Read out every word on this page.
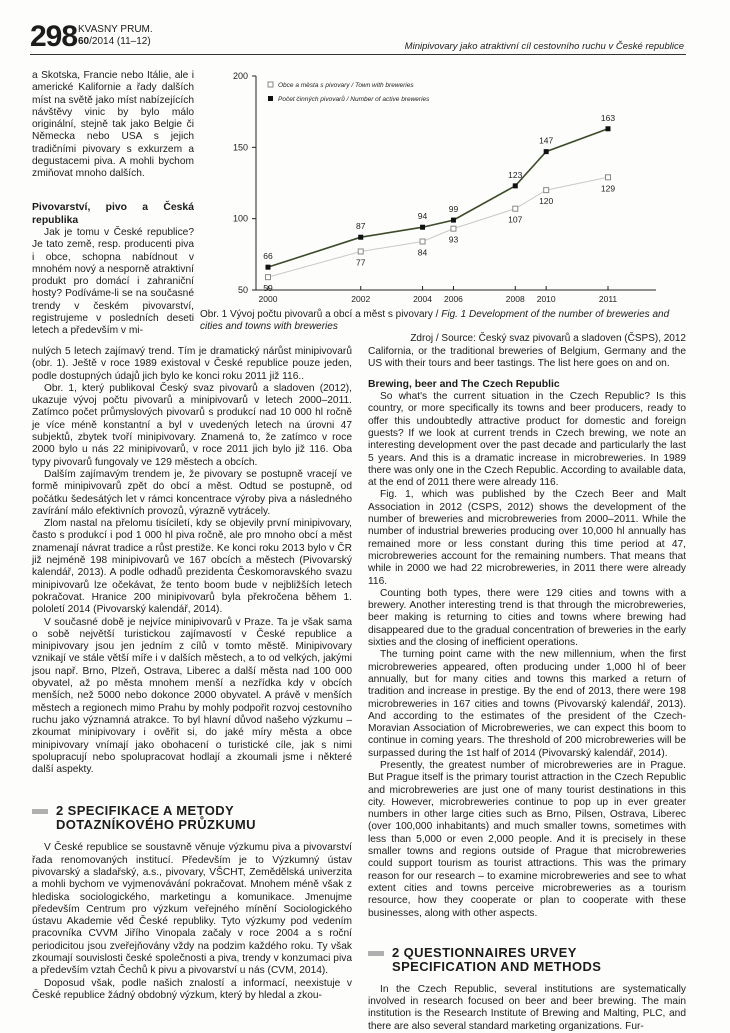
298 KVASNY PRUM.
60/2014 (11–12)	Minipivovary jako atraktivní cíl cestovního ruchu v České republice

a Skotska, Francie nebo Itálie, ale i americké Kalifornie a řady dalších míst na světě jako míst nabízejících návštěvy vinic by bylo málo originální, stejně tak jako Belgie či Německa nebo USA s jejich tradičními pivovary s exkurzem a degustacemi piva. A mohli bychom zmiňovat mnoho dalších.

Pivovarství, pivo a Česká republika

Jak je tomu v České republice? Je tato země, resp. producenti piva i obce, schopna nabídnout v mnohém nový a nesporně atraktivní produkt pro domácí i zahraniční hosty? Podíváme-li se na současné trendy v českém pivovarství, registrujeme v posledních deseti letech a především v mi-

50
100
150
200
2000	2002	2004 2006	2008 2010	2011
66
87
94
99
123
147
163
59
77
84
93
107
120
129
Obce a města s pivovary / Town with breweries
Počet činných pivovarů / Number of active breweries
Obr. 1 Vývoj počtu pivovarů a obcí a měst s pivovary / Fig. 1 Development of the number of breweries and cities and towns with breweries
Zdroj / Source: Český svaz pivovarů a sladoven (ČSPS), 2012

nulých 5 letech zajímavý trend. Tím je dramatický nárůst minipivovarů (obr. 1). Ještě v roce 1989 existoval v České republice pouze jeden, podle dostupných údajů jich bylo ke konci roku 2011 již 116..

Obr. 1, který publikoval Český svaz pivovarů a sladoven (2012), ukazuje vývoj počtu pivovarů a minipivovarů v letech 2000–2011. Zatímco počet průmyslových pivovarů s produkcí nad 10 000 hl ročně je více méně konstantní a byl v uvedených letech na úrovni 47 subjektů, zbytek tvoří minipivovary. Znamená to, že zatímco v roce 2000 bylo u nás 22 minipivovarů, v roce 2011 jich bylo již 116. Oba typy pivovarů fungovaly ve 129 městech a obcích.

Dalším zajímavým trendem je, že pivovary se postupně vracejí ve formě minipivovarů zpět do obcí a měst. Odtud se postupně, od počátku šedesátých let v rámci koncentrace výroby piva a následného zavírání málo efektivních provozů, výrazně vytrácely.

Zlom nastal na přelomu tisíciletí, kdy se objevily první minipivovary, často s produkcí i pod 1 000 hl piva ročně, ale pro mnoho obcí a měst znamenají návrat tradice a růst prestiže. Ke konci roku 2013 bylo v ČR již nejméně 198 minipivovarů ve 167 obcích a městech (Pivovarský kalendář, 2013). A podle odhadů prezidenta Českomoravského svazu minipivovarů lze očekávat, že tento boom bude v nejbližších letech pokračovat. Hranice 200 minipivovarů byla překročena během 1. pololetí 2014 (Pivovarský kalendář, 2014).

V současné době je nejvíce minipivovarů v Praze. Ta je však sama o sobě největší turistickou zajímavostí v České republice a minipivovary jsou jen jedním z cílů v tomto městě. Minipivovary vznikají ve stále větší míře i v dalších městech, a to od velkých, jakými jsou např. Brno, Plzeň, Ostrava, Liberec a další města nad 100 000 obyvatel, až po města mnohem menší a nezřídka kdy v obcích menších, než 5000 nebo dokonce 2000 obyvatel. A právě v menších městech a regionech mimo Prahu by mohly podpořit rozvoj cestovního ruchu jako významná atrakce. To byl hlavní důvod našeho výzkumu – zkoumat minipivovary i ověřit si, do jaké míry města a obce minipivovary vnímají jako obohacení o turistické cíle, jak s nimi spolupracují nebo spolupracovat hodlají a zkoumali jsme i některé další aspekty.

2 SPECIFIKACE A METODY
DOTAZNÍKOVÉHO PRŮZKUMU

V České republice se soustavně věnuje výzkumu piva a pivovarství řada renomovaných institucí. Především je to Výzkumný ústav pivovarský a sladařský, a.s., pivovary, VŠCHT, Zemědělská univerzita a mohli bychom ve vyjmenovávání pokračovat. Mnohem méně však z hlediska sociologického, marketingu a komunikace. Jmenujme především Centrum pro výzkum veřejného mínění Sociologického ústavu Akademie věd České republiky. Tyto výzkumy pod vedením pracovníka CVVM Jiřího Vinopala začaly v roce 2004 a s roční periodicitou jsou zveřejňovány vždy na podzim každého roku. Ty však zkoumají souvislosti české společnosti a piva, trendy v konzumaci piva a především vztah Čechů k pivu a pivovarství u nás (CVM, 2014).

Doposud však, podle našich znalostí a informací, neexistuje v České republice žádný obdobný výzkum, který by hledal a zkou-

California, or the traditional breweries of Belgium, Germany and the US with their tours and beer tastings. The list here goes on and on.

Brewing, beer and The Czech Republic

So what's the current situation in the Czech Republic? Is this country, or more specifically its towns and beer producers, ready to offer this undoubtedly attractive product for domestic and foreign guests? If we look at current trends in Czech brewing, we note an interesting development over the past decade and particularly the last 5 years. And this is a dramatic increase in microbreweries. In 1989 there was only one in the Czech Republic. According to available data, at the end of 2011 there were already 116.

Fig. 1, which was published by the Czech Beer and Malt Association in 2012 (CSPS, 2012) shows the development of the number of breweries and microbreweries from 2000–2011. While the number of industrial breweries producing over 10,000 hl annually has remained more or less constant during this time period at 47, microbreweries account for the remaining numbers. That means that while in 2000 we had 22 microbreweries, in 2011 there were already 116.

Counting both types, there were 129 cities and towns with a brewery. Another interesting trend is that through the microbreweries, beer making is returning to cities and towns where brewing had disappeared due to the gradual concentration of breweries in the early sixties and the closing of inefficient operations.

The turning point came with the new millennium, when the first microbreweries appeared, often producing under 1,000 hl of beer annually, but for many cities and towns this marked a return of tradition and increase in prestige. By the end of 2013, there were 198 microbreweries in 167 cities and towns (Pivovarský kalendář, 2013). And according to the estimates of the president of the Czech-Moravian Association of Microbreweries, we can expect this boom to continue in coming years. The threshold of 200 microbreweries will be surpassed during the 1st half of 2014 (Pivovarský kalendář, 2014).

Presently, the greatest number of microbreweries are in Prague. But Prague itself is the primary tourist attraction in the Czech Republic and microbreweries are just one of many tourist destinations in this city. However, microbreweries continue to pop up in ever greater numbers in other large cities such as Brno, Pilsen, Ostrava, Liberec (over 100,000 inhabitants) and much smaller towns, sometimes with less than 5,000 or even 2,000 people. And it is precisely in these smaller towns and regions outside of Prague that microbreweries could support tourism as tourist attractions. This was the primary reason for our research – to examine microbreweries and see to what extent cities and towns perceive microbreweries as a tourism resource, how they cooperate or plan to cooperate with these businesses, along with other aspects.

2 QUESTIONNAIRES URVEY
SPECIFICATION AND METHODS

In the Czech Republic, several institutions are systematically involved in research focused on beer and beer brewing. The main institution is the Research Institute of Brewing and Malting, PLC, and there are also several standard marketing organizations. Fur-
